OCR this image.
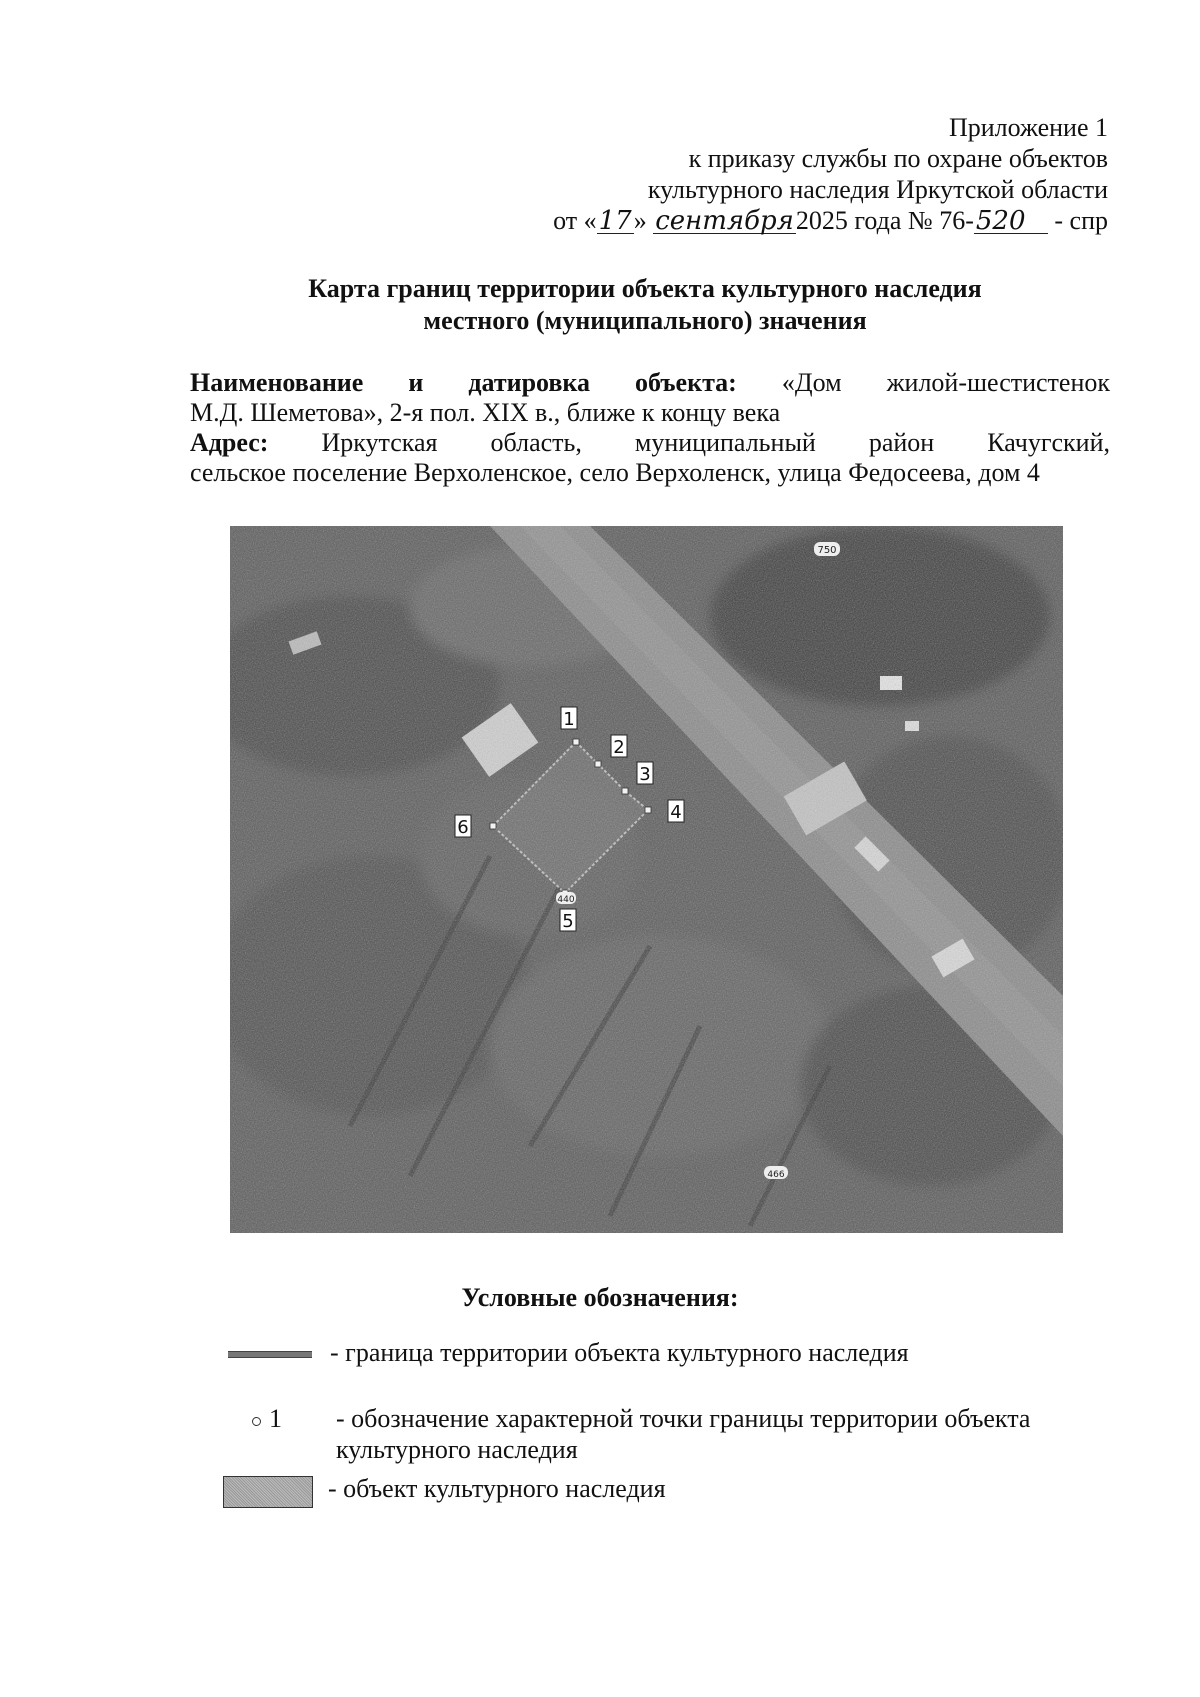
Приложение 1
к приказу службы по охране объектов
культурного наследия Иркутской области
от «17» сентября2025 года № 76-520 - спр
Карта границ территории объекта культурного наследия
местного (муниципального) значения

Наименование и датировка объекта: «Дом жилой-шестистенок

М.Д. Шеметова», 2-я пол. XIX в., ближе к концу века

Адрес: Иркутская область, муниципальный район Качугский,

сельское поселение Верхоленское, село Верхоленск, улица Федосеева, дом 4

1
2
3
4
5
6
750
440
466
Условные обозначения:
- граница территории объекта культурного наследия
1 - обозначение характерной точки границы территории объекта
культурного наследия
- объект культурного наследия
